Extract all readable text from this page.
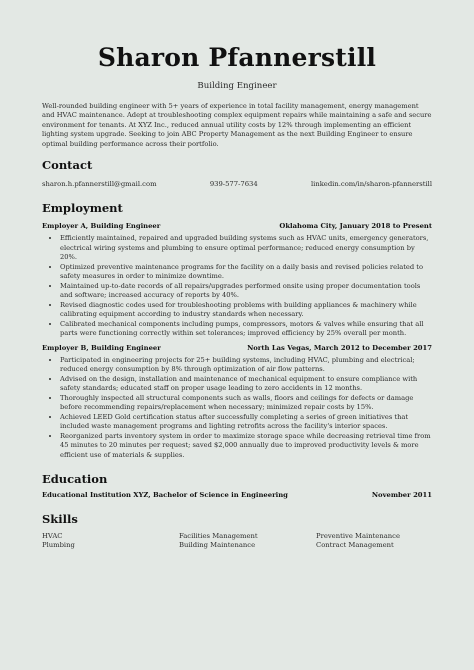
Sharon Pfannerstill
Building Engineer
Well-rounded building engineer with 5+ years of experience in total facility management, energy management and HVAC maintenance. Adept at troubleshooting complex equipment repairs while maintaining a safe and secure environment for tenants. At XYZ Inc., reduced annual utility costs by 12% through implementing an efficient lighting system upgrade. Seeking to join ABC Property Management as the next Building Engineer to ensure optimal building performance across their portfolio.
Contact
sharon.h.pfannerstill@gmail.com	939-577-7634	linkedin.com/in/sharon-pfannerstill
Employment
Employer A, Building Engineer	Oklahoma City, January 2018 to Present
• Efficiently maintained, repaired and upgraded building systems such as HVAC units, emergency generators, electrical wiring systems and plumbing to ensure optimal performance; reduced energy consumption by 20%.
• Optimized preventive maintenance programs for the facility on a daily basis and revised policies related to safety measures in order to minimize downtime.
• Maintained up-to-date records of all repairs/upgrades performed onsite using proper documentation tools and software; increased accuracy of reports by 40%.
• Revised diagnostic codes used for troubleshooting problems with building appliances & machinery while calibrating equipment according to industry standards when necessary.
• Calibrated mechanical components including pumps, compressors, motors & valves while ensuring that all parts were functioning correctly within set tolerances; improved efficiency by 25% overall per month.
Employer B, Building Engineer	North Las Vegas, March 2012 to December 2017
• Participated in engineering projects for 25+ building systems, including HVAC, plumbing and electrical; reduced energy consumption by 8% through optimization of air flow patterns.
• Advised on the design, installation and maintenance of mechanical equipment to ensure compliance with safety standards; educated staff on proper usage leading to zero accidents in 12 months.
• Thoroughly inspected all structural components such as walls, floors and ceilings for defects or damage before recommending repairs/replacement when necessary; minimized repair costs by 15%.
• Achieved LEED Gold certification status after successfully completing a series of green initiatives that included waste management programs and lighting retrofits across the facility's interior spaces.
• Reorganized parts inventory system in order to maximize storage space while decreasing retrieval time from 45 minutes to 20 minutes per request; saved $2,000 annually due to improved productivity levels & more efficient use of materials & supplies.
Education
Educational Institution XYZ, Bachelor of Science in Engineering	November 2011
Skills
HVAC	Facilities Management	Preventive Maintenance
Plumbing	Building Maintenance	Contract Management
